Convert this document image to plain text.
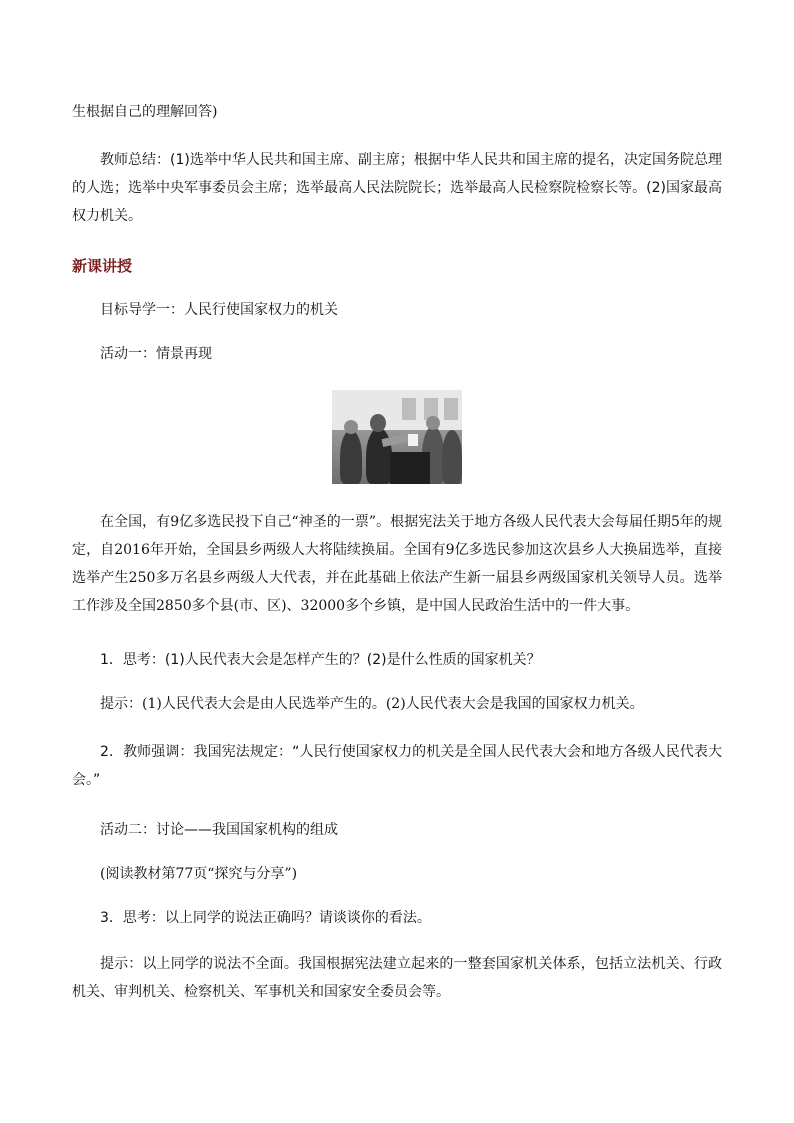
生根据自己的理解回答)

教师总结：(1)选举中华人民共和国主席、副主席；根据中华人民共和国主席的提名，决定国务院总理的人选；选举中央军事委员会主席；选举最高人民法院院长；选举最高人民检察院检察长等。(2)国家最高权力机关。

新课讲授

目标导学一：人民行使国家权力的机关

活动一：情景再现

在全国，有9亿多选民投下自己“神圣的一票”。根据宪法关于地方各级人民代表大会每届任期5年的规定，自2016年开始，全国县乡两级人大将陆续换届。全国有9亿多选民参加这次县乡人大换届选举，直接选举产生250多万名县乡两级人大代表，并在此基础上依法产生新一届县乡两级国家机关领导人员。选举工作涉及全国2850多个县(市、区)、32000多个乡镇，是中国人民政治生活中的一件大事。

1．思考：(1)人民代表大会是怎样产生的？(2)是什么性质的国家机关？

提示：(1)人民代表大会是由人民选举产生的。(2)人民代表大会是我国的国家权力机关。

2．教师强调：我国宪法规定：“人民行使国家权力的机关是全国人民代表大会和地方各级人民代表大会。”

活动二：讨论——我国国家机构的组成

(阅读教材第77页“探究与分享”)

3．思考：以上同学的说法正确吗？请谈谈你的看法。

提示：以上同学的说法不全面。我国根据宪法建立起来的一整套国家机关体系，包括立法机关、行政机关、审判机关、检察机关、军事机关和国家安全委员会等。
